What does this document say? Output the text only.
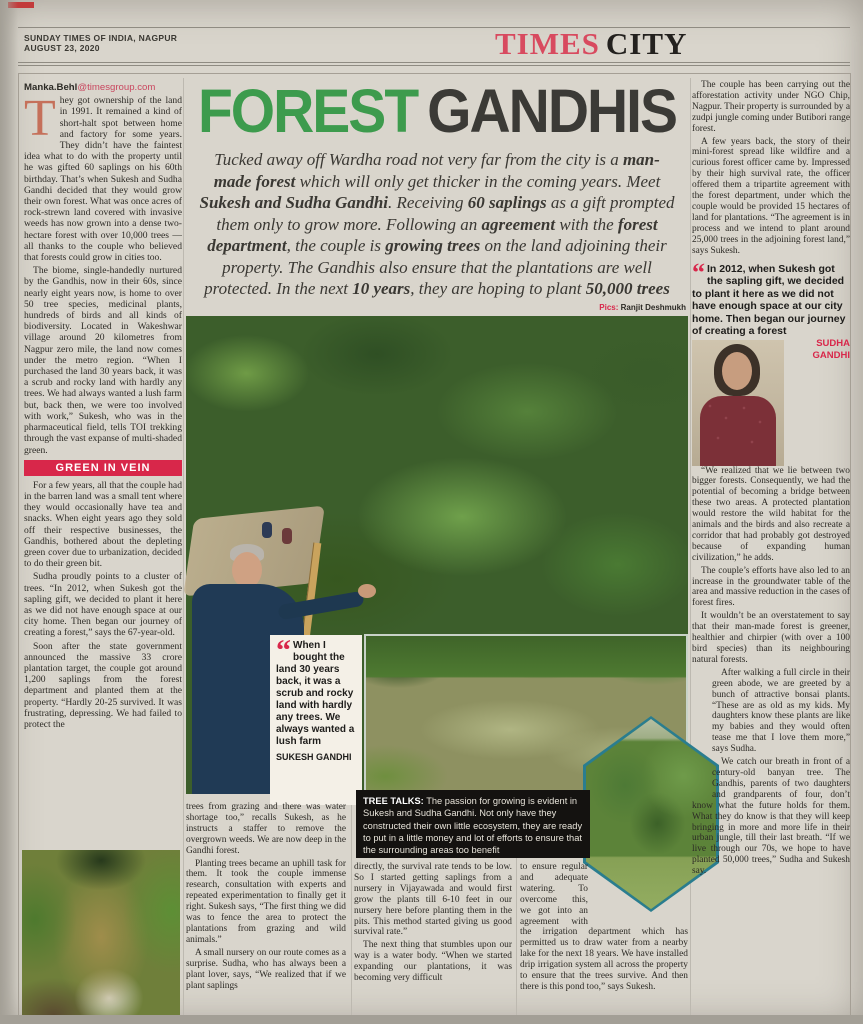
SUNDAY TIMES OF INDIA, NAGPUR
AUGUST 23, 2020	TIMES CITY
FOREST GANDHIS
Tucked away off Wardha road not very far from the city is a man-made forest which will only get thicker in the coming years. Meet Sukesh and Sudha Gandhi. Receiving 60 saplings as a gift prompted them only to grow more. Following an agreement with the forest department, the couple is growing trees on the land adjoining their property. The Gandhis also ensure that the plantations are well protected. In the next 10 years, they are hoping to plant 50,000 trees
Pics: Ranjit Deshmukh

Manka.Behl@timesgroup.com

They got ownership of the land in 1991. It remained a kind of short-halt spot between home and factory for some years. They didn’t have the faintest idea what to do with the property until he was gifted 60 saplings on his 60th birthday. That’s when Sukesh and Sudha Gandhi decided that they would grow their own forest. What was once acres of rock-strewn land covered with invasive weeds has now grown into a dense two-hectare forest with over 10,000 trees — all thanks to the couple who believed that forests could grow in cities too.

The biome, single-handedly nurtured by the Gandhis, now in their 60s, since nearly eight years now, is home to over 50 tree species, medicinal plants, hundreds of birds and all kinds of biodiversity. Located in Wakeshwar village around 20 kilometres from Nagpur zero mile, the land now comes under the metro region. “When I purchased the land 30 years back, it was a scrub and rocky land with hardly any trees. We had always wanted a lush farm but, back then, we were too involved with work,” Sukesh, who was in the pharmaceutical field, tells TOI trekking through the vast expanse of multi-shaded green.

GREEN IN VEIN

For a few years, all that the couple had in the barren land was a small tent where they would occasionally have tea and snacks. When eight years ago they sold off their respective businesses, the Gandhis, bothered about the depleting green cover due to urbanization, decided to do their green bit.

Sudha proudly points to a cluster of trees. “In 2012, when Sukesh got the sapling gift, we decided to plant it here as we did not have enough space at our city home. Then began our journey of creating a forest,” says the 67-year-old.

Soon after the state government announced the massive 33 crore plantation target, the couple got around 1,200 saplings from the forest department and planted them at the property. “Hardly 20-25 survived. It was frustrating, depressing. We had failed to protect the

“ When I bought the land 30 years back, it was a scrub and rocky land with hardly any trees. We always wanted a lush farm
SUKESH GANDHI
TREE TALKS: The passion for growing is evident in Sukesh and Sudha Gandhi. Not only have they constructed their own little ecosystem, they are ready to put in a little money and lot of efforts to ensure that the surrounding areas too benefit

trees from grazing and there was water shortage too,” recalls Sukesh, as he instructs a staffer to remove the overgrown weeds. We are now deep in the Gandhi forest.

Planting trees became an uphill task for them. It took the couple immense research, consultation with experts and repeated experimentation to finally get it right. Sukesh says, “The first thing we did was to fence the area to protect the plantations from grazing and wild animals.”

A small nursery on our route comes as a surprise. Sudha, who has always been a plant lover, says, “We realized that if we plant saplings

directly, the survival rate tends to be low. So I started getting saplings from a nursery in Vijayawada and would first grow the plants till 6-10 feet in our nursery here before planting them in the pits. This method started giving us good survival rate.”

The next thing that stumbles upon our way is a water body. “When we started expanding our plantations, it was becoming very difficult

to ensure regular and adequate watering. To overcome this, we got into an agreement with the irrigation department which has permitted us to draw water from a nearby lake for the next 18 years. We have installed drip irrigation system all across the property to ensure that the trees survive. And then there is this pond too,” says Sukesh.

The couple has been carrying out the afforestation activity under NGO Chip, Nagpur. Their property is surrounded by a zudpi jungle coming under Butibori range forest.

A few years back, the story of their mini-forest spread like wildfire and a curious forest officer came by. Impressed by their high survival rate, the officer offered them a tripartite agreement with the forest department, under which the couple would be provided 15 hectares of land for plantations. “The agreement is in process and we intend to plant around 25,000 trees in the adjoining forest land,” says Sukesh.

“ In 2012, when Sukesh got the sapling gift, we decided to plant it here as we did not have enough space at our city home. Then began our journey of creating a forest
SUDHA GANDHI

“We realized that we lie between two bigger forests. Consequently, we had the potential of becoming a bridge between these two areas. A protected plantation would restore the wild habitat for the animals and the birds and also recreate a corridor that had probably got destroyed because of expanding human civilization,” he adds.

The couple’s efforts have also led to an increase in the groundwater table of the area and massive reduction in the cases of forest fires.

It wouldn’t be an overstatement to say that their man-made forest is greener, healthier and chirpier (with over a 100 bird species) than its neighbouring natural forests.

After walking a full circle in their green abode, we are greeted by a bunch of attractive bonsai plants. “These are as old as my kids. My daughters know these plants are like my babies and they would often tease me that I love them more,” says Sudha.

We catch our breath in front of a century-old banyan tree. The Gandhis, parents of two daughters and grandparents of four, don’t know what the future holds for them. What they do know is that they will keep bringing in more and more life in their urban jungle, till their last breath. “If we live through our 70s, we hope to have planted 50,000 trees,” Sudha and Sukesh say.
